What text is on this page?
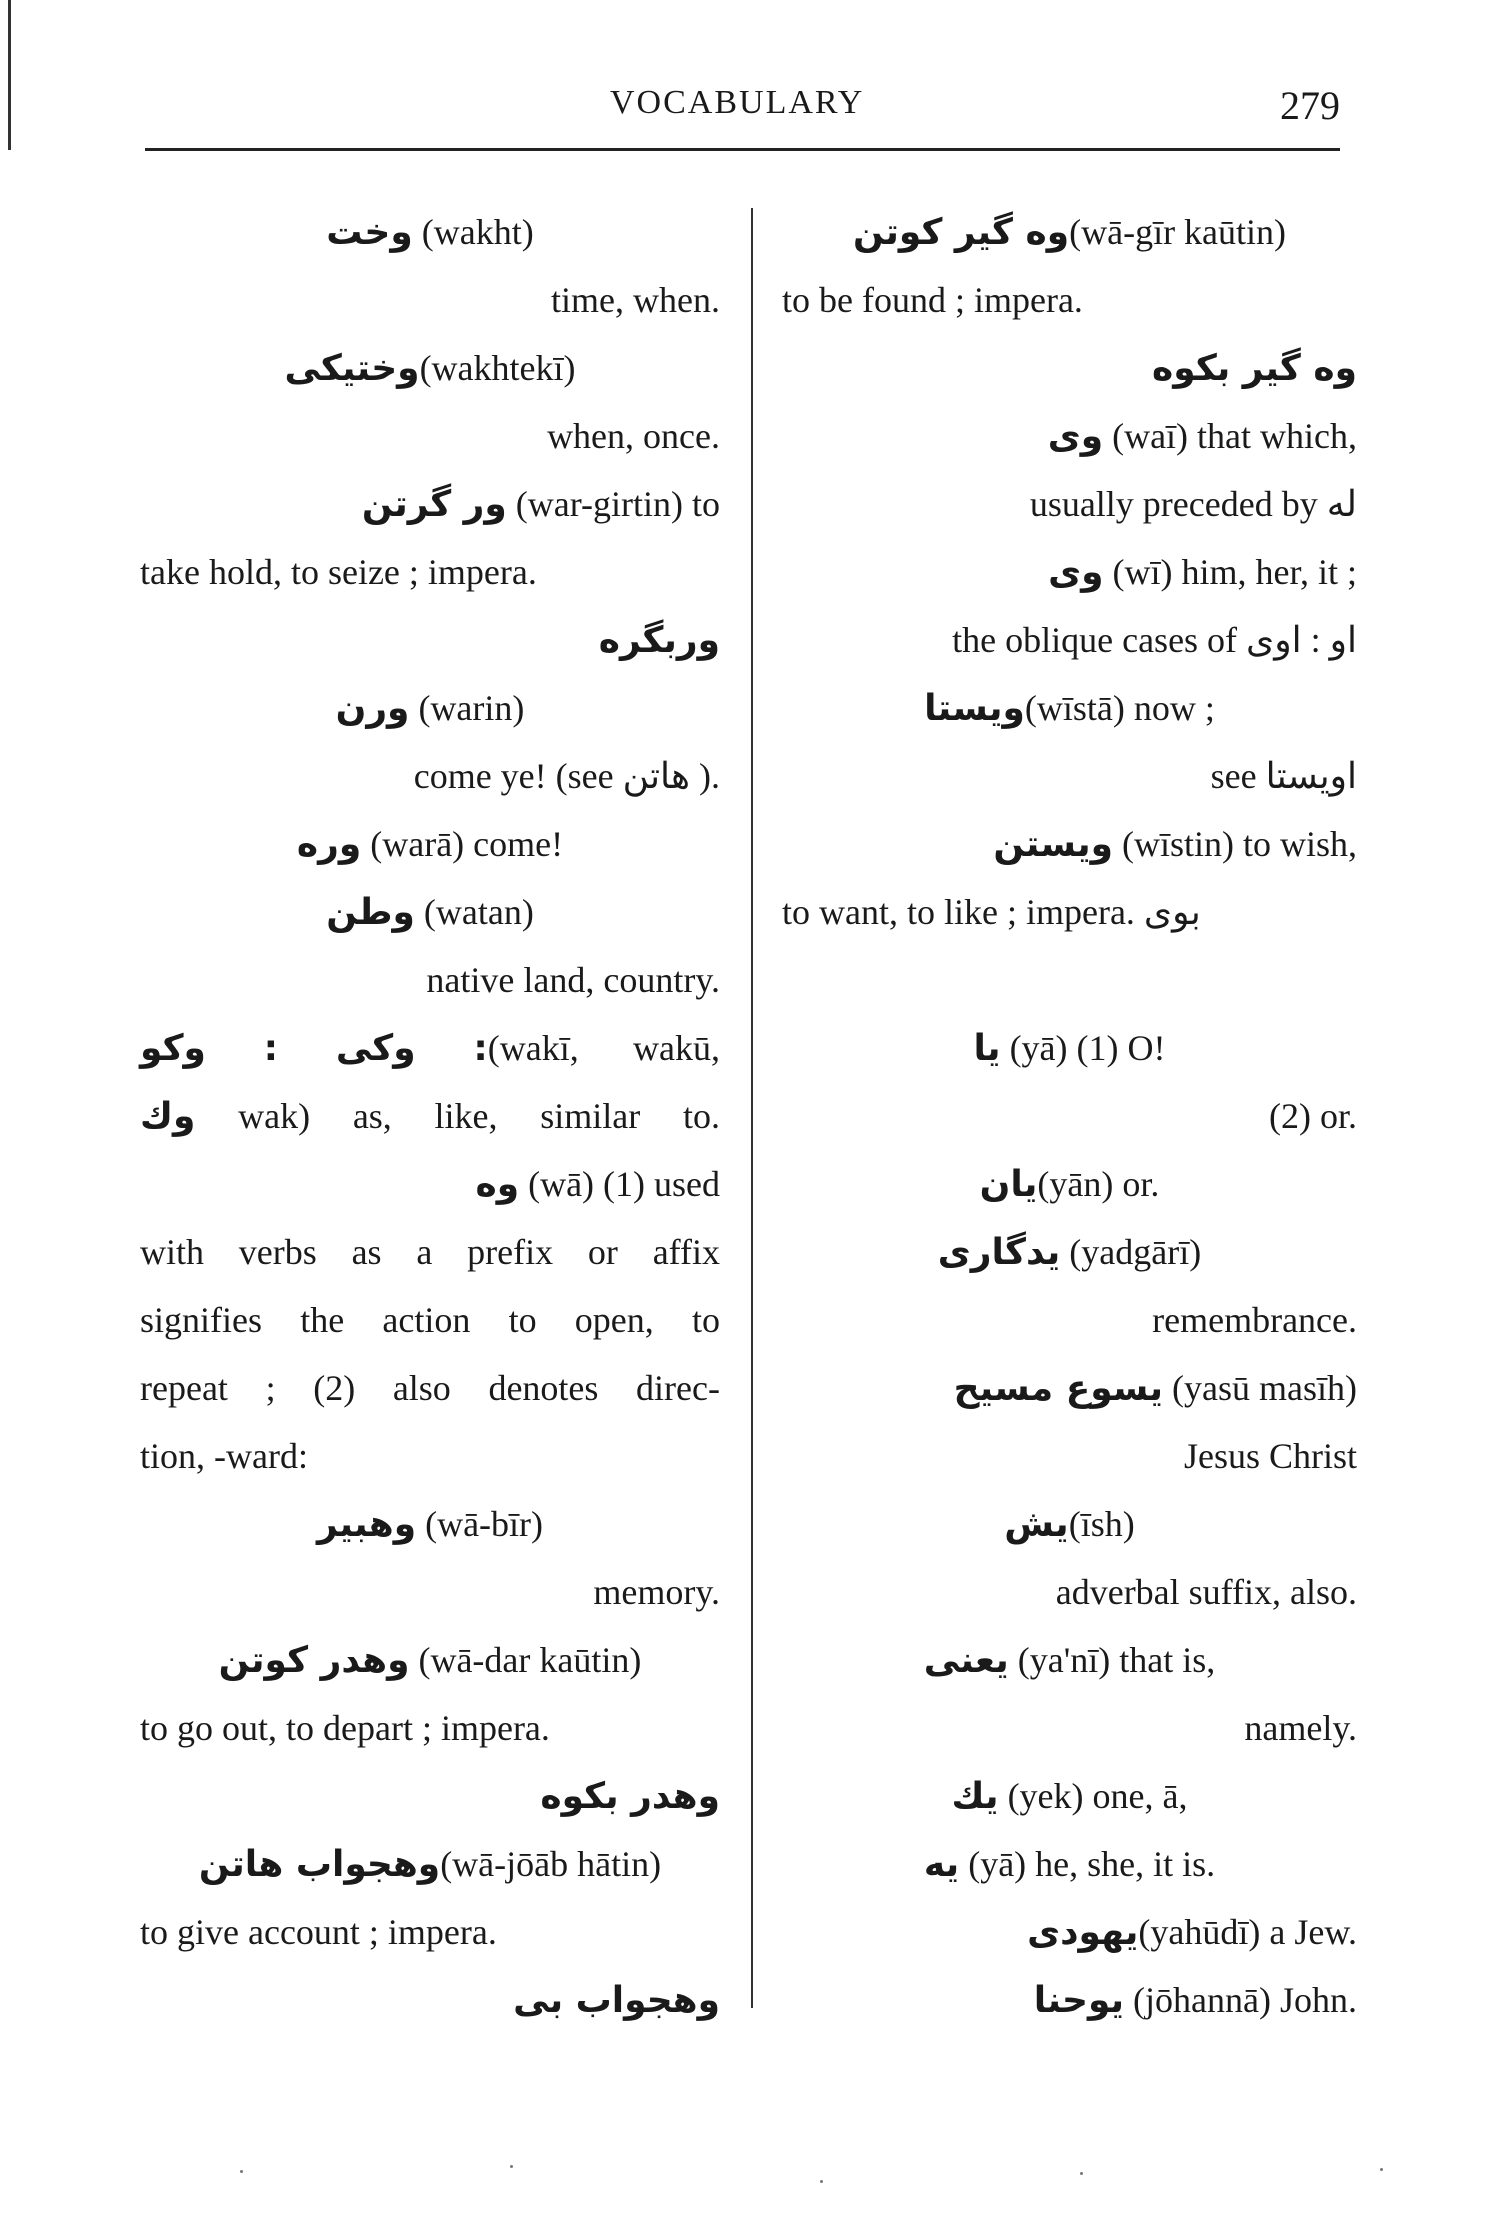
VOCABULARY	279
وخت (wakht)
time, when.
وختیکی(wakhtekī)
when, once.
ور گرتن (war-girtin) to
take hold, to seize ; impera.
وربگره
ورن (warin)
come ye! (see هاتن ).
وره (warā) come!
وطن (watan)
native land, country.
: وکی : وکو(wakī, wakū,
وك wak) as, like, similar to.
وه (wā) (1) used
with verbs as a prefix or affix
signifies the action to open, to
repeat ; (2) also denotes direc-
tion, -ward:
وهبیر (wā-bīr)
memory.
وهدر کوتن (wā-dar kaūtin)
to go out, to depart ; impera.
وهدر بکوه
وهجواب هاتن(wā-jōāb hātin)
to give account ; impera.
وهجواب بی
وه گیر کوتن(wā-gīr kaūtin)
to be found ; impera.
وه گیر بکوه
وی (waī) that which,
usually preceded by له
وی (wī) him, her, it ;
the oblique cases of او : اوی
ویستا(wīstā) now ;
see اویستا
ویستن (wīstin) to wish,
to want, to like ; impera. بوی
یا (yā) (1) O!
(2) or.
یان(yān) or.
یدگاری (yadgārī)
remembrance.
یسوع مسیح (yasū masīh)
Jesus Christ
یش(īsh)
adverbal suffix, also.
یعنی (ya'nī) that is,
namely.
یك (yek) one, ā,
یه (yā) he, she, it is.
یهودی(yahūdī) a Jew.
یوحنا (jōhannā) John.
